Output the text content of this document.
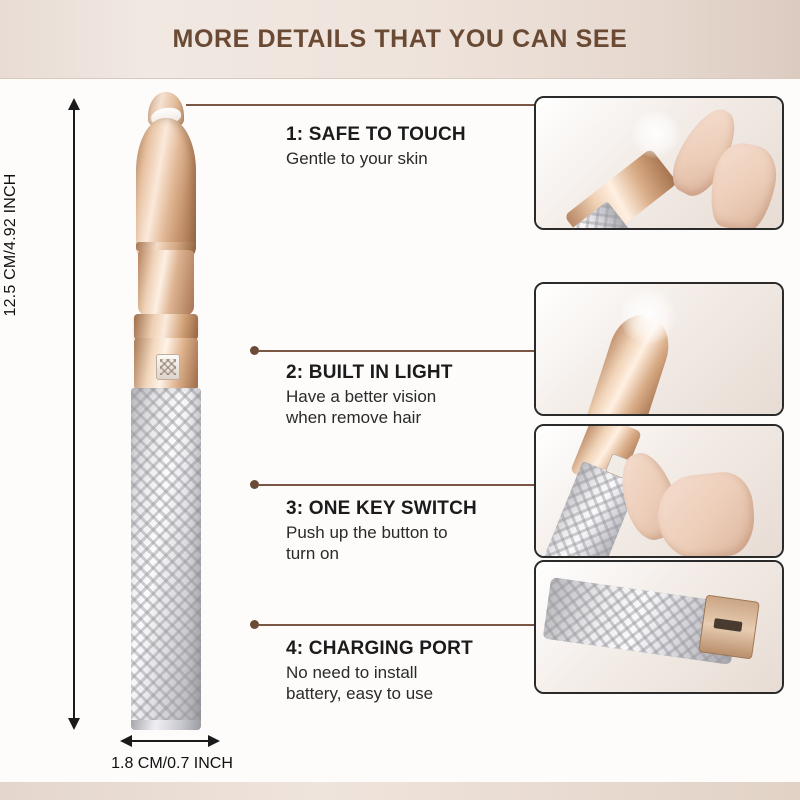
MORE DETAILS THAT YOU CAN SEE
12.5 CM/4.92 INCH
1.8 CM/0.7 INCH
1: SAFE TO TOUCH
Gentle to your skin
2: BUILT IN LIGHT
Have a better vision
when remove hair
3: ONE KEY SWITCH
Push up the button to
turn on
4: CHARGING PORT
No need to install
battery, easy to use
